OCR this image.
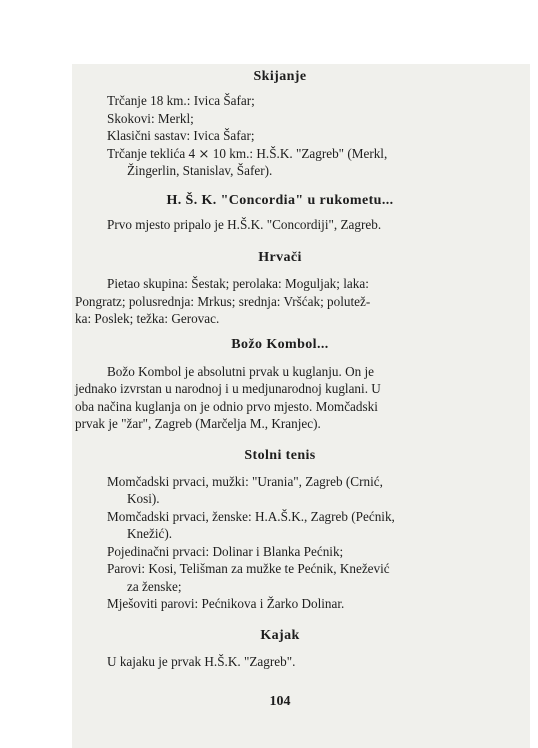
Skijanje
Trčanje 18 km.: Ivica Šafar;
Skokovi: Merkl;
Klasični sastav: Ivica Šafar;
Trčanje teklića 4 ⨯ 10 km.: H.Š.K. "Zagreb" (Merkl,
Žingerlin, Stanislav, Šafer).
H. Š. K. "Concordia" u rukometu...
Prvo mjesto pripalo je H.Š.K. "Concordiji", Zagreb.
Hrvači
Pietao skupina: Šestak; perolaka: Moguljak; laka:
Pongratz; polusrednja: Mrkus; srednja: Vršćak; polutež-
ka: Poslek; težka: Gerovac.
Božo Kombol...
Božo Kombol je absolutni prvak u kuglanju. On je
jednako izvrstan u narodnoj i u medjunarodnoj kuglani. U
oba načina kuglanja on je odnio prvo mjesto. Momčadski
prvak je "žar", Zagreb (Marčelja M., Kranjec).
Stolni tenis
Momčadski prvaci, mužki: "Urania", Zagreb (Crnić,
Kosi).
Momčadski prvaci, ženske: H.A.Š.K., Zagreb (Pećnik,
Knežić).
Pojedinačni prvaci: Dolinar i Blanka Pećnik;
Parovi: Kosi, Telišman za mužke te Pećnik, Knežević
za ženske;
Mješoviti parovi: Pećnikova i Žarko Dolinar.
Kajak
U kajaku je prvak H.Š.K. "Zagreb".
104
